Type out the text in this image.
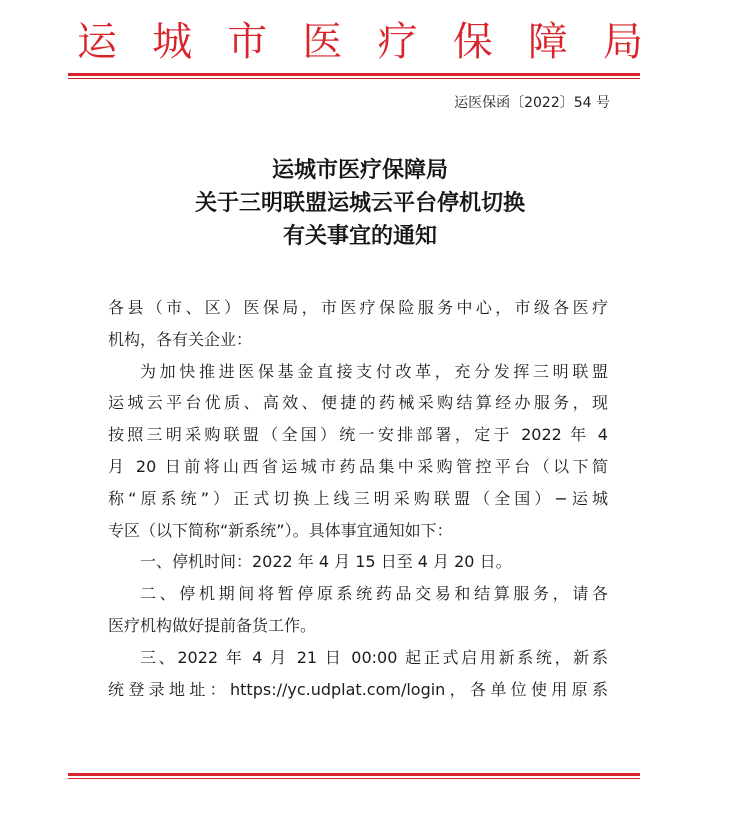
运 城 市 医 疗 保 障 局
运医保函〔2022〕54 号
运城市医疗保障局
关于三明联盟运城云平台停机切换
有关事宜的通知
各县（市、区）医保局，市医疗保险服务中心，市级各医疗
机构，各有关企业：
为加快推进医保基金直接支付改革，充分发挥三明联盟
运城云平台优质、高效、便捷的药械采购结算经办服务，现
按照三明采购联盟（全国）统一安排部署，定于 2022 年 4
月 20 日前将山西省运城市药品集中采购管控平台（以下简
称“原系统”）正式切换上线三明采购联盟（全国）−运城
专区（以下简称“新系统”）。具体事宜通知如下：
一、停机时间：2022 年 4 月 15 日至 4 月 20 日。
二、停机期间将暂停原系统药品交易和结算服务，请各
医疗机构做好提前备货工作。
三、2022 年 4 月 21 日 00:00 起正式启用新系统，新系
统登录地址：https://yc.udplat.com/login，各单位使用原系
